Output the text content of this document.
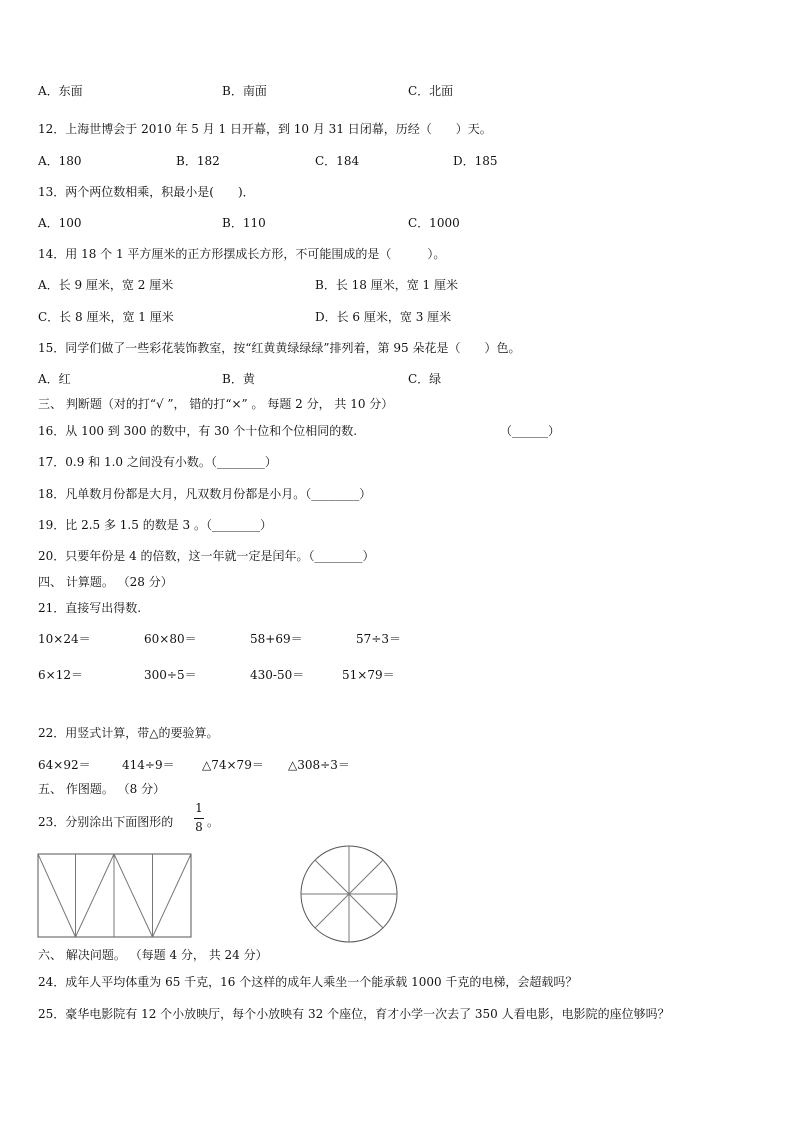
A．东面	B．南面	C．北面
12．上海世博会于 2010 年 5 月 1 日开幕，到 10 月 31 日闭幕，历经（　　）天。
A．180	B．182	C．184	D．185
13．两个两位数相乘，积最小是(　　)．
A．100	B．110	C．1000
14．用 18 个 1 平方厘米的正方形摆成长方形，不可能围成的是（　　　）。
A．长 9 厘米，宽 2 厘米	B．长 18 厘米，宽 1 厘米
C．长 8 厘米，宽 1 厘米	D．长 6 厘米，宽 3 厘米
15．同学们做了一些彩花装饰教室，按“红黄黄绿绿绿”排列着，第 95 朵花是（　　）色。
A．红	B．黄	C．绿
三、 判断题（对的打“√ ”， 错的打“×” 。 每题 2 分， 共 10 分）
16．从 100 到 300 的数中，有 30 个十位和个位相同的数.	（______）
17．0.9 和 1.0 之间没有小数。（________）
18．凡单数月份都是大月，凡双数月份都是小月。（________）
19．比 2.5 多 1.5 的数是 3 。（________）
20．只要年份是 4 的倍数，这一年就一定是闰年。（________）
四、 计算题。 （28 分）
21．直接写出得数.
10×24＝	60×80＝	58+69＝	57÷3＝
6×12＝	300÷5＝	430-50＝	51×79＝
22．用竖式计算，带△的要验算。
64×92＝	414÷9＝ △74×79＝ △308÷3＝
五、 作图题。 （8 分）
23．分别涂出下面图形的
1
8 。
六、 解决问题。 （每题 4 分， 共 24 分）
24．成年人平均体重为 65 千克，16 个这样的成年人乘坐一个能承载 1000 千克的电梯，会超载吗？
25．豪华电影院有 12 个小放映厅，每个小放映有 32 个座位，育才小学一次去了 350 人看电影，电影院的座位够吗？
